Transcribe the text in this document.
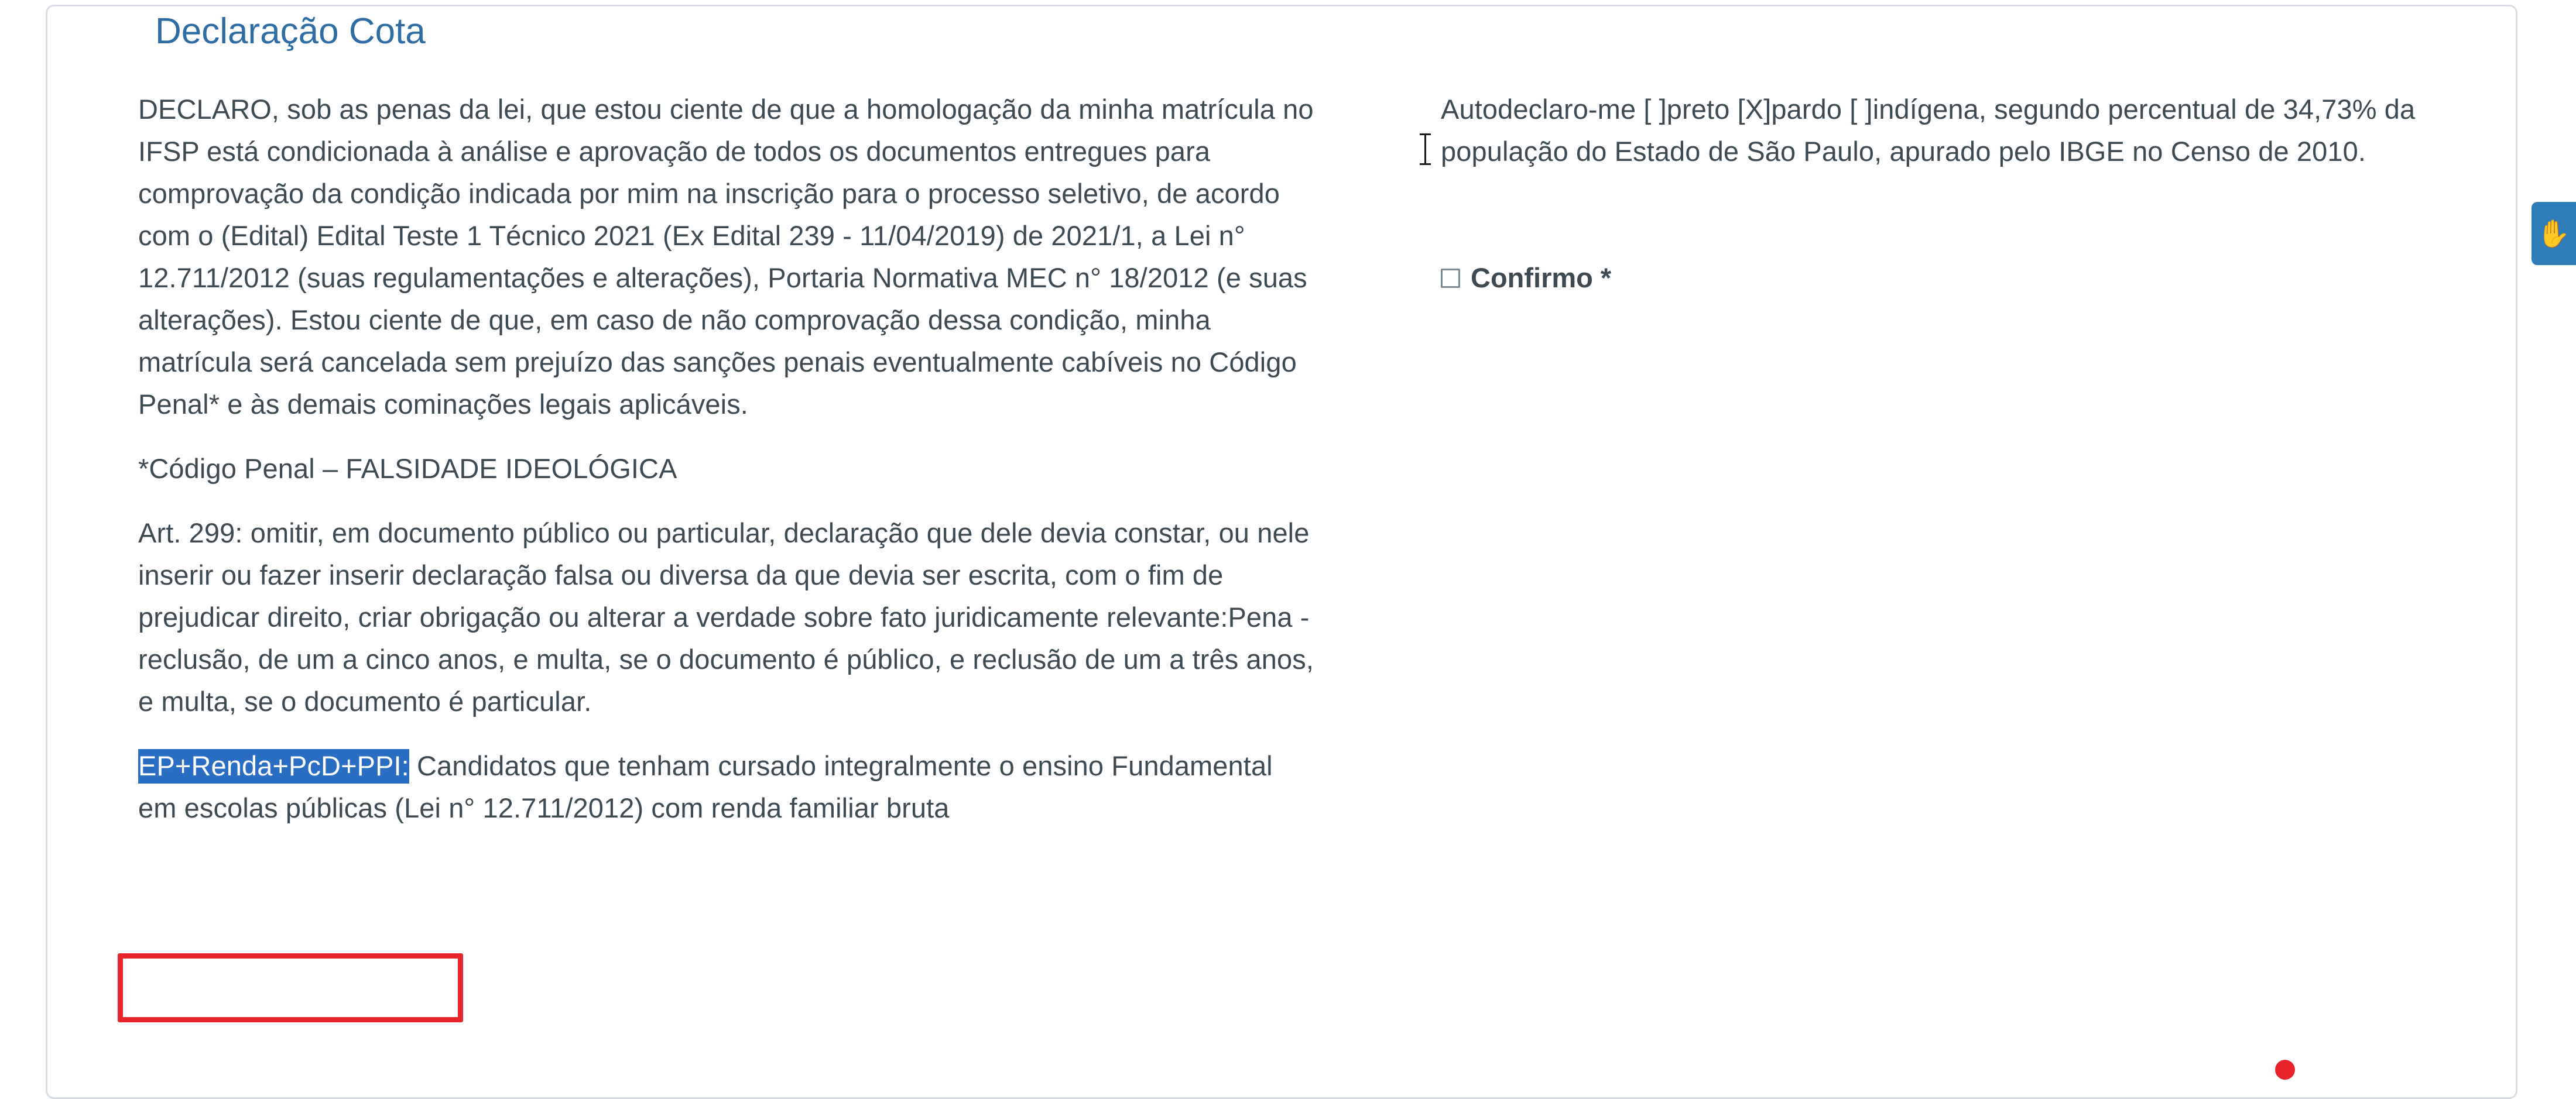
Declaração Cota

DECLARO, sob as penas da lei, que estou ciente de que a homologação da minha matrícula no IFSP está condicionada à análise e aprovação de todos os documentos entregues para comprovação da condição indicada por mim na inscrição para o processo seletivo, de acordo com o (Edital) Edital Teste 1 Técnico 2021 (Ex Edital 239 - 11/04/2019) de 2021/1, a Lei n° 12.711/2012 (suas regulamentações e alterações), Portaria Normativa MEC n° 18/2012 (e suas alterações). Estou ciente de que, em caso de não comprovação dessa condição, minha matrícula será cancelada sem prejuízo das sanções penais eventualmente cabíveis no Código Penal* e às demais cominações legais aplicáveis.

*Código Penal – FALSIDADE IDEOLÓGICA

Art. 299: omitir, em documento público ou particular, declaração que dele devia constar, ou nele inserir ou fazer inserir declaração falsa ou diversa da que devia ser escrita, com o fim de prejudicar direito, criar obrigação ou alterar a verdade sobre fato juridicamente relevante:Pena - reclusão, de um a cinco anos, e multa, se o documento é público, e reclusão de um a três anos, e multa, se o documento é particular.

EP+Renda+PcD+PPI: Candidatos que tenham cursado integralmente o ensino Fundamental em escolas públicas (Lei n° 12.711/2012) com renda familiar bruta

Autodeclaro-me [ ]preto [X]pardo [ ]indígena, segundo percentual de 34,73% da população do Estado de São Paulo, apurado pelo IBGE no Censo de 2010.

Confirmo *
✋
